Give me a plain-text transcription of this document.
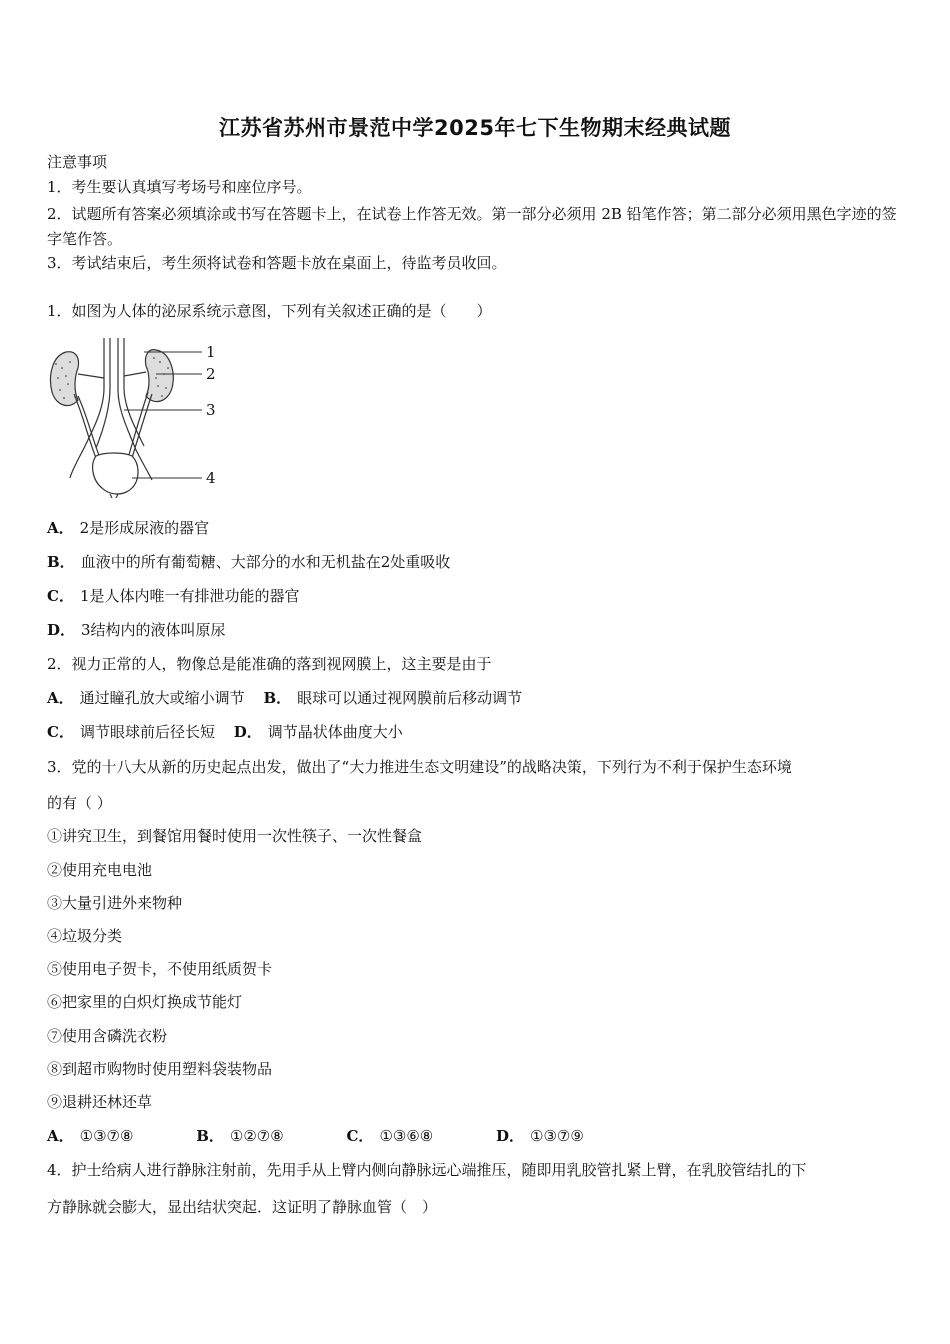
江苏省苏州市景范中学2025年七下生物期末经典试题
注意事项
1．考生要认真填写考场号和座位序号。
2．试题所有答案必须填涂或书写在答题卡上，在试卷上作答无效。第一部分必须用 2B 铅笔作答；第二部分必须用黑色字迹的签字笔作答。
3．考试结束后，考生须将试卷和答题卡放在桌面上，待监考员收回。
1．如图为人体的泌尿系统示意图，下列有关叙述正确的是（　　）
1
2
3
4
A． 2是形成尿液的器官
B． 血液中的所有葡萄糖、大部分的水和无机盐在2处重吸收
C． 1是人体内唯一有排泄功能的器官
D． 3结构内的液体叫原尿
2．视力正常的人，物像总是能准确的落到视网膜上，这主要是由于
A． 通过瞳孔放大或缩小调节 B． 眼球可以通过视网膜前后移动调节
C． 调节眼球前后径长短 D． 调节晶状体曲度大小
3．党的十八大从新的历史起点出发，做出了“大力推进生态文明建设”的战略决策，下列行为不利于保护生态环境
的有（ ）
①讲究卫生，到餐馆用餐时使用一次性筷子、一次性餐盒
②使用充电电池
③大量引进外来物种
④垃圾分类
⑤使用电子贺卡，不使用纸质贺卡
⑥把家里的白炽灯换成节能灯
⑦使用含磷洗衣粉
⑧到超市购物时使用塑料袋装物品
⑨退耕还林还草
A． ①③⑦⑧	B． ①②⑦⑧	C． ①③⑥⑧	D． ①③⑦⑨
4．护士给病人进行静脉注射前，先用手从上臂内侧向静脉远心端推压，随即用乳胶管扎紧上臂，在乳胶管结扎的下
方静脉就会膨大，显出结状突起．这证明了静脉血管（　）
